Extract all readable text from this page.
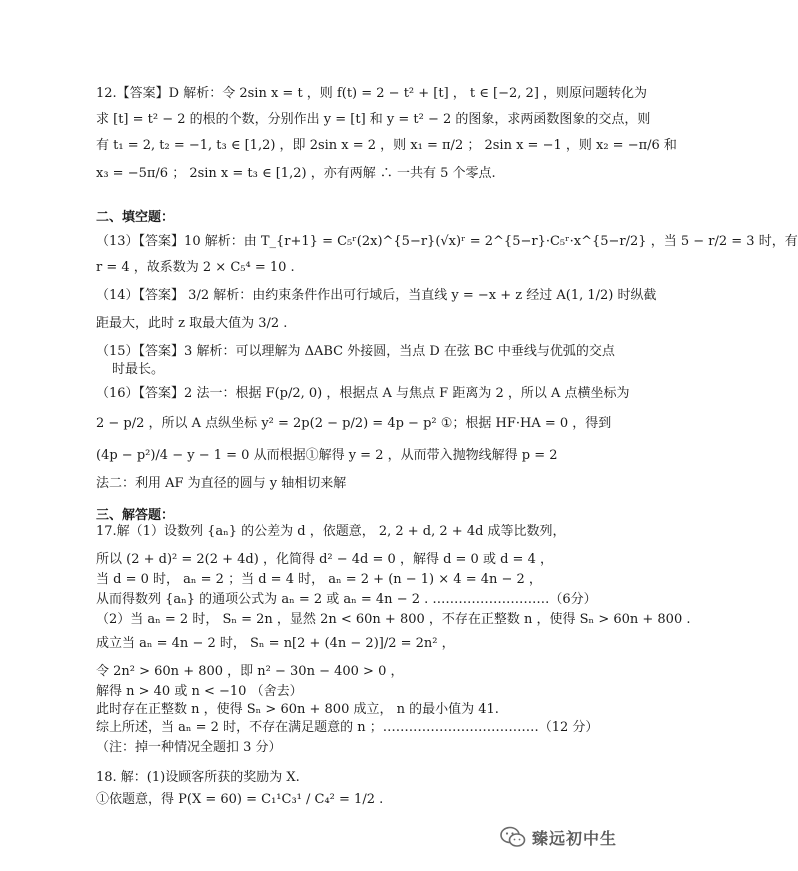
12.【答案】D 解析：令 2sin x = t ，则 f(t) = 2 − t² + [t] ， t ∈ [−2, 2] ，则原问题转化为
求 [t] = t² − 2 的根的个数，分别作出 y = [t] 和 y = t² − 2 的图象，求两函数图象的交点，则
有 t₁ = 2, t₂ = −1, t₃ ∈ [1,2) ，即 2sin x = 2 ，则 x₁ = π/2 ； 2sin x = −1 ，则 x₂ = −π/6 和
x₃ = −5π/6 ； 2sin x = t₃ ∈ [1,2) ，亦有两解 ∴ 一共有 5 个零点.
二、填空题：
（13）【答案】10 解析：由 T_{r+1} = C₅ʳ(2x)^{5−r}(√x)ʳ = 2^{5−r}·C₅ʳ·x^{5−r/2} ，当 5 − r/2 = 3 时，有
r = 4 ，故系数为 2 × C₅⁴ = 10 .
（14）【答案】 3/2 解析：由约束条件作出可行域后，当直线 y = −x + z 经过 A(1, 1/2) 时纵截
距最大，此时 z 取最大值为 3/2 .
（15）【答案】3 解析：可以理解为 ΔABC 外接圆，当点 D 在弦 BC 中垂线与优弧的交点
时最长。
（16）【答案】2 法一：根据 F(p/2, 0) ，根据点 A 与焦点 F 距离为 2 ，所以 A 点横坐标为
2 − p/2 ，所以 A 点纵坐标 y² = 2p(2 − p/2) = 4p − p² ①；根据 HF·HA = 0 ，得到
(4p − p²)/4 − y − 1 = 0 从而根据①解得 y = 2 ，从而带入抛物线解得 p = 2
法二：利用 AF 为直径的圆与 y 轴相切来解
三、解答题：
17.解（1）设数列 {aₙ} 的公差为 d ，依题意， 2, 2 + d, 2 + 4d 成等比数列，
所以 (2 + d)² = 2(2 + 4d) ，化简得 d² − 4d = 0 ，解得 d = 0 或 d = 4 ，
当 d = 0 时， aₙ = 2 ；当 d = 4 时， aₙ = 2 + (n − 1) × 4 = 4n − 2 ，
从而得数列 {aₙ} 的通项公式为 aₙ = 2 或 aₙ = 4n − 2 . ………………………（6分）
（2）当 aₙ = 2 时， Sₙ = 2n ，显然 2n < 60n + 800 ，不存在正整数 n ，使得 Sₙ > 60n + 800 .
成立当 aₙ = 4n − 2 时， Sₙ = n[2 + (4n − 2)]/2 = 2n² ，
令 2n² > 60n + 800 ，即 n² − 30n − 400 > 0 ，
解得 n > 40 或 n < −10 （舍去）
此时存在正整数 n ，使得 Sₙ > 60n + 800 成立， n 的最小值为 41.
综上所述，当 aₙ = 2 时，不存在满足题意的 n ；………………………………（12 分）
（注：掉一种情况全题扣 3 分）
18. 解：(1)设顾客所获的奖励为 X.
①依题意，得 P(X = 60) = C₁¹C₃¹ / C₄² = 1/2 .
臻远初中生
